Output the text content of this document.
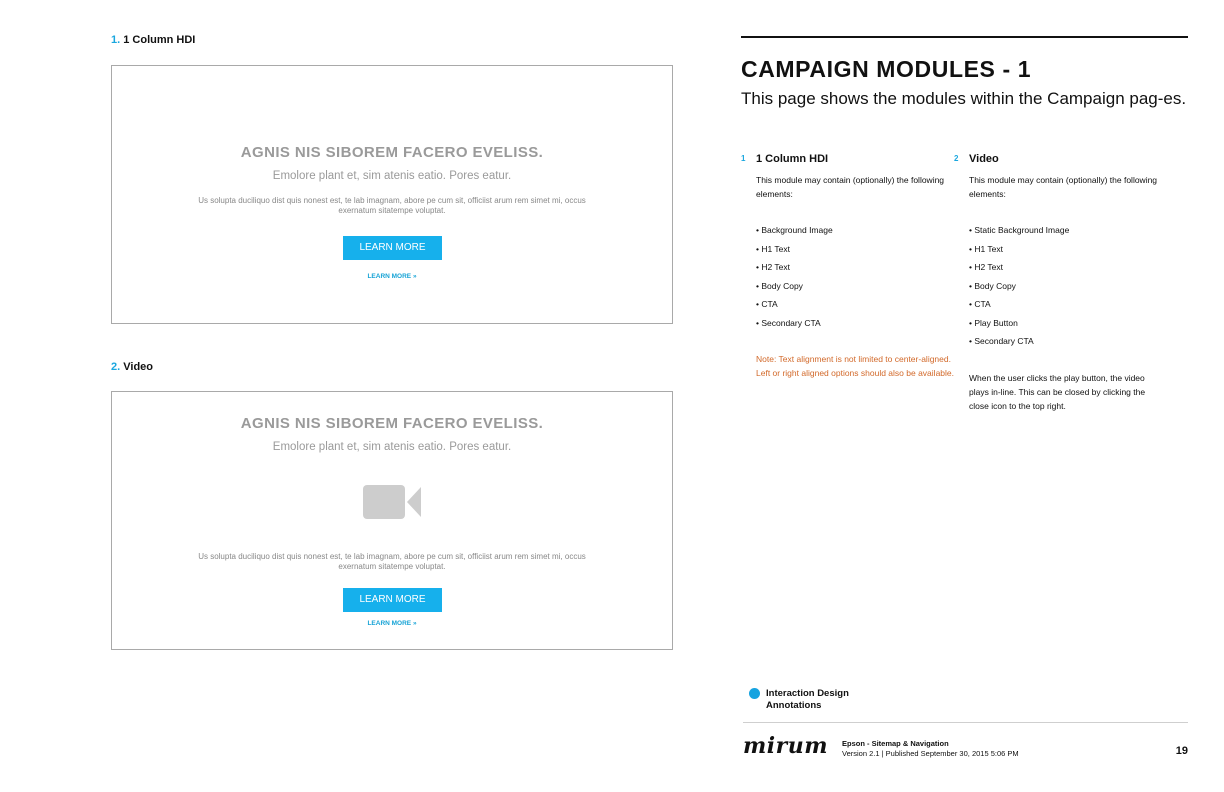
1. 1 Column HDI
AGNIS NIS SIBOREM FACERO EVELISS.
Emolore plant et, sim atenis eatio. Pores eatur.
Us solupta duciliquo dist quis nonest est, te lab imagnam, abore pe cum sit, officiist arum rem simet mi, occus exernatum sitatempe voluptat.
LEARN MORE
LEARN MORE »
2. Video
AGNIS NIS SIBOREM FACERO EVELISS.
Emolore plant et, sim atenis eatio. Pores eatur.
Us solupta duciliquo dist quis nonest est, te lab imagnam, abore pe cum sit, officiist arum rem simet mi, occus exernatum sitatempe voluptat.
LEARN MORE
LEARN MORE »
CAMPAIGN MODULES - 1
This page shows the modules within the Campaign pag-es.
1 1 Column HDI
This module may contain (optionally) the following elements:
• Background Image
• H1 Text
• H2 Text
• Body Copy
• CTA
• Secondary CTA
Note: Text alignment is not limited to center-aligned. Left or right aligned options should also be available.
2 Video
This module may contain (optionally) the following elements:
• Static Background Image
• H1 Text
• H2 Text
• Body Copy
• CTA
• Play Button
• Secondary CTA
When the user clicks the play button, the video plays in-line. This can be closed by clicking the close icon to the top right.
Interaction Design
Annotations
mirum Epson - Sitemap & Navigation
Version 2.1 | Published September 30, 2015 5:06 PM	19
